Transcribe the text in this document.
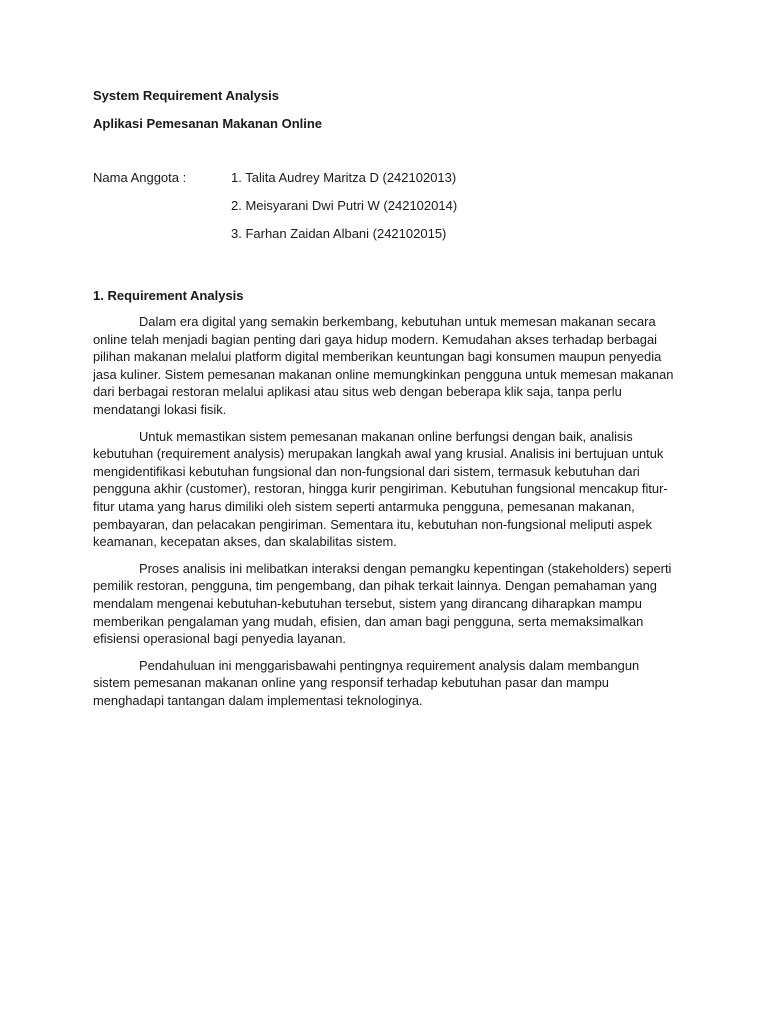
System Requirement Analysis
Aplikasi Pemesanan Makanan Online
Nama Anggota :	1. Talita Audrey Maritza D (242102013)
2. Meisyarani Dwi Putri W (242102014)
3. Farhan Zaidan Albani (242102015)
1. Requirement Analysis

Dalam era digital yang semakin berkembang, kebutuhan untuk memesan makanan secara online telah menjadi bagian penting dari gaya hidup modern. Kemudahan akses terhadap berbagai pilihan makanan melalui platform digital memberikan keuntungan bagi konsumen maupun penyedia jasa kuliner. Sistem pemesanan makanan online memungkinkan pengguna untuk memesan makanan dari berbagai restoran melalui aplikasi atau situs web dengan beberapa klik saja, tanpa perlu mendatangi lokasi fisik.

Untuk memastikan sistem pemesanan makanan online berfungsi dengan baik, analisis kebutuhan (requirement analysis) merupakan langkah awal yang krusial. Analisis ini bertujuan untuk mengidentifikasi kebutuhan fungsional dan non-fungsional dari sistem, termasuk kebutuhan dari pengguna akhir (customer), restoran, hingga kurir pengiriman. Kebutuhan fungsional mencakup fitur-fitur utama yang harus dimiliki oleh sistem seperti antarmuka pengguna, pemesanan makanan, pembayaran, dan pelacakan pengiriman. Sementara itu, kebutuhan non-fungsional meliputi aspek keamanan, kecepatan akses, dan skalabilitas sistem.

Proses analisis ini melibatkan interaksi dengan pemangku kepentingan (stakeholders) seperti pemilik restoran, pengguna, tim pengembang, dan pihak terkait lainnya. Dengan pemahaman yang mendalam mengenai kebutuhan-kebutuhan tersebut, sistem yang dirancang diharapkan mampu memberikan pengalaman yang mudah, efisien, dan aman bagi pengguna, serta memaksimalkan efisiensi operasional bagi penyedia layanan.

Pendahuluan ini menggarisbawahi pentingnya requirement analysis dalam membangun sistem pemesanan makanan online yang responsif terhadap kebutuhan pasar dan mampu menghadapi tantangan dalam implementasi teknologinya.
